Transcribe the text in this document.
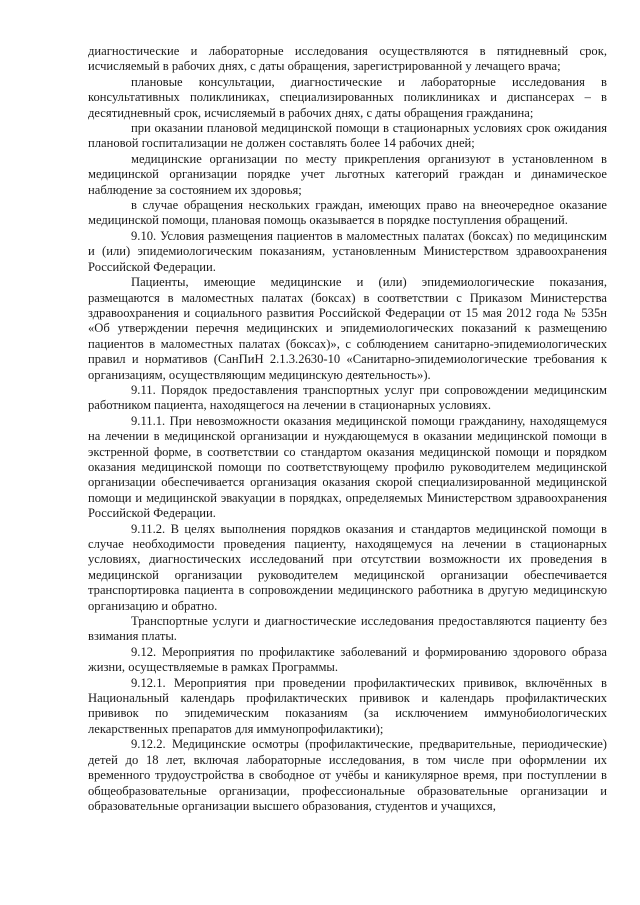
диагностические и лабораторные исследования осуществляются в пятидневный срок, исчисляемый в рабочих днях, с даты обращения, зарегистрированной у лечащего врача;

плановые консультации, диагностические и лабораторные исследования в консультативных поликлиниках, специализированных поликлиниках и диспансерах – в десятидневный срок, исчисляемый в рабочих днях, с даты обращения гражданина;

при оказании плановой медицинской помощи в стационарных условиях срок ожидания плановой госпитализации не должен составлять более 14 рабочих дней;

медицинские организации по месту прикрепления организуют в установленном в медицинской организации порядке учет льготных категорий граждан и динамическое наблюдение за состоянием их здоровья;

в случае обращения нескольких граждан, имеющих право на внеочередное оказание медицинской помощи, плановая помощь оказывается в порядке поступления обращений.

9.10. Условия размещения пациентов в маломестных палатах (боксах) по медицинским и (или) эпидемиологическим показаниям, установленным Министерством здравоохранения Российской Федерации.

Пациенты, имеющие медицинские и (или) эпидемиологические показания, размещаются в маломестных палатах (боксах) в соответствии с Приказом Министерства здравоохранения и социального развития Российской Федерации от 15 мая 2012 года № 535н «Об утверждении перечня медицинских и эпидемиологических показаний к размещению пациентов в маломестных палатах (боксах)», с соблюдением санитарно-эпидемиологических правил и нормативов (СанПиН 2.1.3.2630-10 «Санитарно-эпидемиологические требования к организациям, осуществляющим медицинскую деятельность»).

9.11. Порядок предоставления транспортных услуг при сопровождении медицинским работником пациента, находящегося на лечении в стационарных условиях.

9.11.1. При невозможности оказания медицинской помощи гражданину, находящемуся на лечении в медицинской организации и нуждающемуся в оказании медицинской помощи в экстренной форме, в соответствии со стандартом оказания медицинской помощи и порядком оказания медицинской помощи по соответствующему профилю руководителем медицинской организации обеспечивается организация оказания скорой специализированной медицинской помощи и медицинской эвакуации в порядках, определяемых Министерством здравоохранения Российской Федерации.

9.11.2. В целях выполнения порядков оказания и стандартов медицинской помощи в случае необходимости проведения пациенту, находящемуся на лечении в стационарных условиях, диагностических исследований при отсутствии возможности их проведения в медицинской организации руководителем медицинской организации обеспечивается транспортировка пациента в сопровождении медицинского работника в другую медицинскую организацию и обратно.

Транспортные услуги и диагностические исследования предоставляются пациенту без взимания платы.

9.12. Мероприятия по профилактике заболеваний и формированию здорового образа жизни, осуществляемые в рамках Программы.

9.12.1. Мероприятия при проведении профилактических прививок, включённых в Национальный календарь профилактических прививок и календарь профилактических прививок по эпидемическим показаниям (за исключением иммунобиологических лекарственных препаратов для иммунопрофилактики);

9.12.2. Медицинские осмотры (профилактические, предварительные, периодические) детей до 18 лет, включая лабораторные исследования, в том числе при оформлении их временного трудоустройства в свободное от учёбы и каникулярное время, при поступлении в общеобразовательные организации, профессиональные образовательные организации и образовательные организации высшего образования, студентов и учащихся,
